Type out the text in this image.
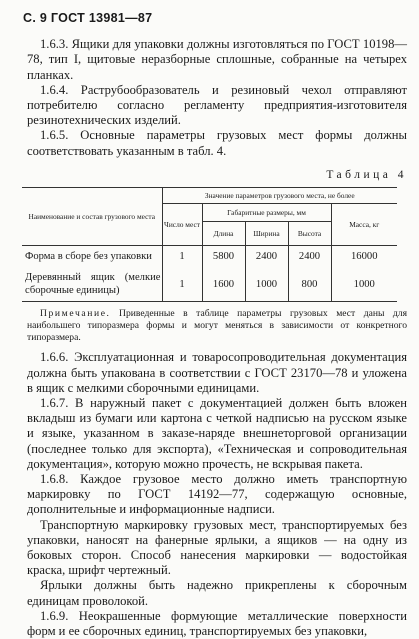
С. 9 ГОСТ 13981—87

1.6.3. Ящики для упаковки должны изготовляться по ГОСТ 10198—78, тип I, щитовые неразборные сплошные, собранные на четырех планках.

1.6.4. Раструбообразователь и резиновый чехол отправляют потребителю согласно регламенту предприятия-изготовителя резинотехнических изделий.

1.6.5. Основные параметры грузовых мест формы должны соответствовать указанным в табл. 4.

Таблица 4
Наименование и состав грузового места	Значение параметров грузового места, не более				
	Число мест	Габаритные размеры, мм			Масса, кг
		Длина	Ширина	Высота	
Форма в сборе без упаковки	1	5800	2400	2400	16000
Деревянный ящик (мелкие сборочные единицы)	1	1600	1000	800	1000

Примечание. Приведенные в таблице параметры грузовых мест даны для наибольшего типоразмера формы и могут меняться в зависимости от конкретного типоразмера.

1.6.6. Эксплуатационная и товаросопроводительная документация должна быть упакована в соответствии с ГОСТ 23170—78 и уложена в ящик с мелкими сборочными единицами.

1.6.7. В наружный пакет с документацией должен быть вложен вкладыш из бумаги или картона с четкой надписью на русском языке и языке, указанном в заказе-наряде внешнеторговой организации (последнее только для экспорта), «Техническая и сопроводительная документация», которую можно прочесть, не вскрывая пакета.

1.6.8. Каждое грузовое место должно иметь транспортную маркировку по ГОСТ 14192—77, содержащую основные, дополнительные и информационные надписи.

Транспортную маркировку грузовых мест, транспортируемых без упаковки, наносят на фанерные ярлыки, а ящиков — на одну из боковых сторон. Способ нанесения маркировки — водостойкая краска, шрифт чертежный.

Ярлыки должны быть надежно прикреплены к сборочным единицам проволокой.

1.6.9. Неокрашенные формующие металлические поверхности форм и ее сборочных единиц, транспортируемых без упаковки,
